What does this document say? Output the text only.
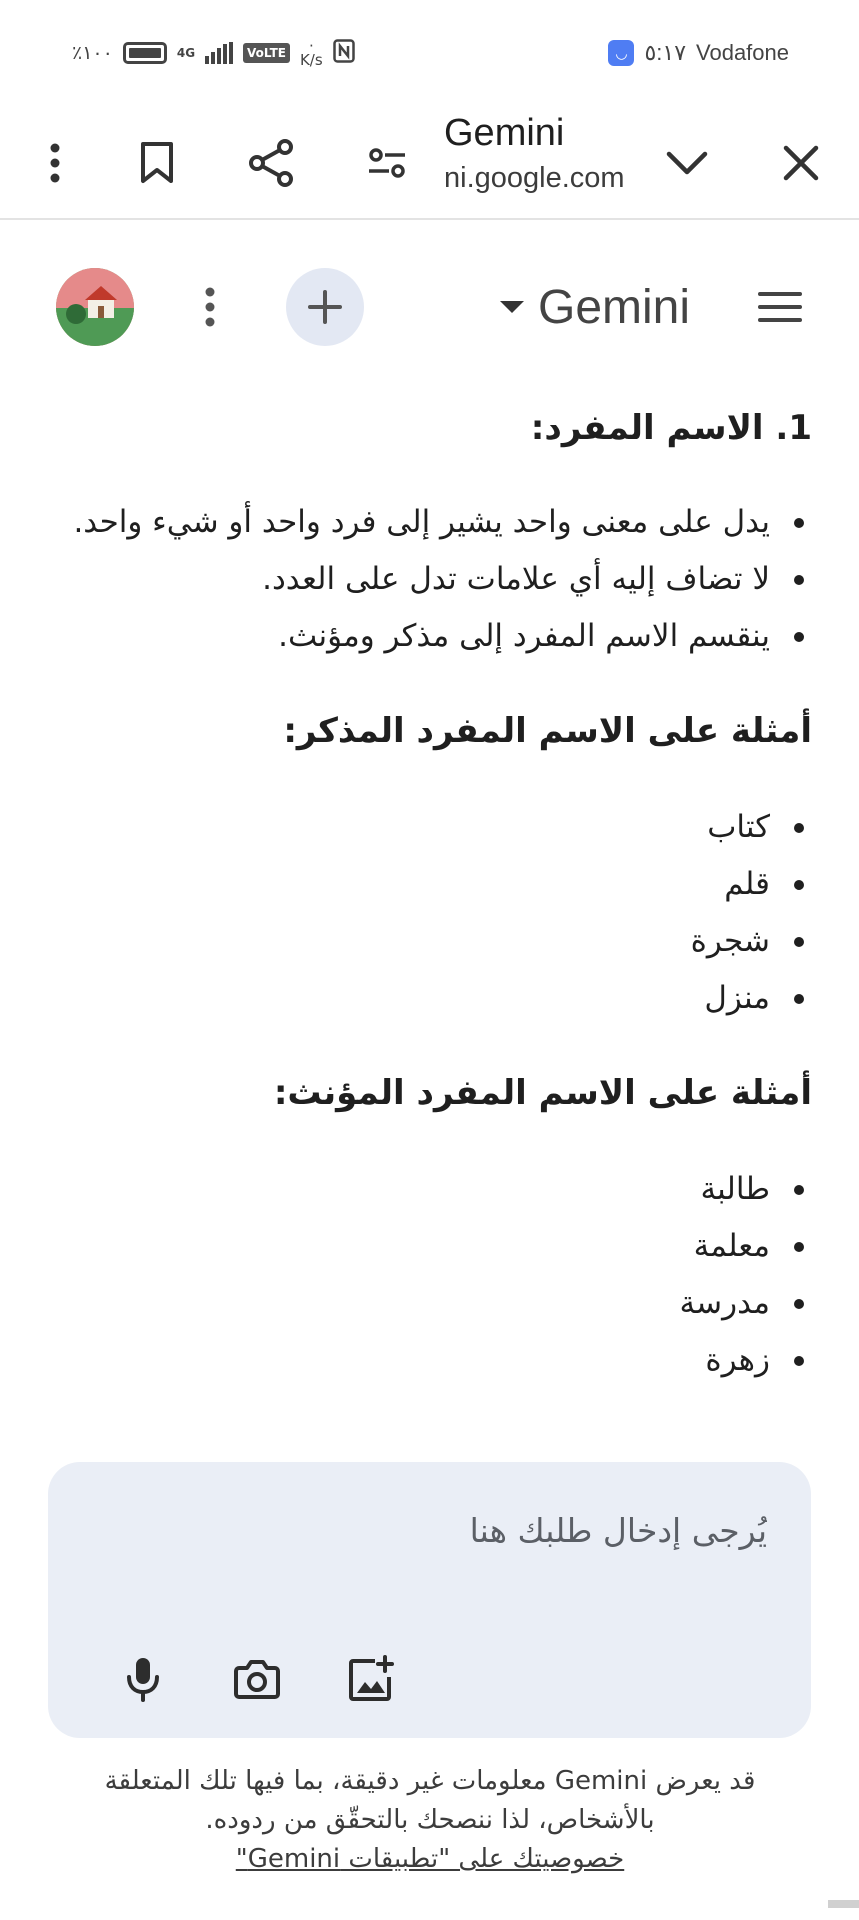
٪١٠٠	4G	VoLTE ·
K/s	◡ ٥:١٧ Vodafone
Gemini
ni.google.com
Gemini
1. الاسم المفرد:
يدل على معنى واحد يشير إلى فرد واحد أو شيء واحد.
لا تضاف إليه أي علامات تدل على العدد.
ينقسم الاسم المفرد إلى مذكر ومؤنث.
أمثلة على الاسم المفرد المذكر:
كتاب
قلم
شجرة
منزل
أمثلة على الاسم المفرد المؤنث:
طالبة
معلمة
مدرسة
زهرة
يُرجى إدخال طلبك هنا
قد يعرض Gemini معلومات غير دقيقة، بما فيها تلك المتعلقة بالأشخاص، لذا ننصحك بالتحقّق من ردوده.
خصوصيتك على "تطبيقات Gemini"
